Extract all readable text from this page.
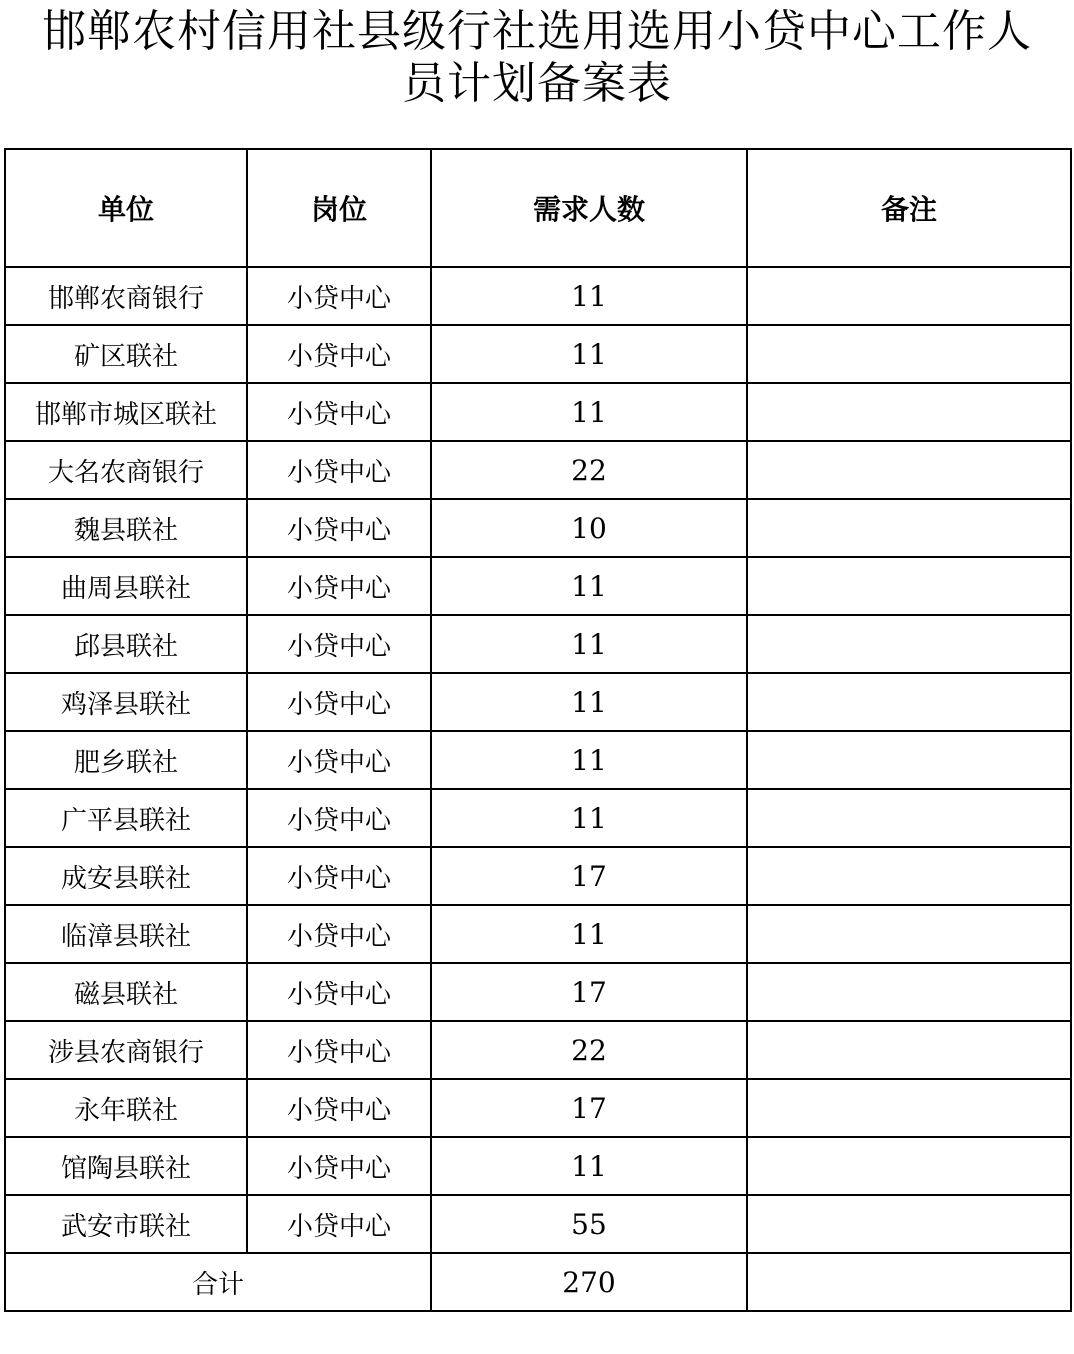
邯郸农村信用社县级行社选用选用小贷中心工作人
员计划备案表
单位	岗位	需求人数	备注
邯郸农商银行	小贷中心	11	
矿区联社	小贷中心	11	
邯郸市城区联社	小贷中心	11	
大名农商银行	小贷中心	22	
魏县联社	小贷中心	10	
曲周县联社	小贷中心	11	
邱县联社	小贷中心	11	
鸡泽县联社	小贷中心	11	
肥乡联社	小贷中心	11	
广平县联社	小贷中心	11	
成安县联社	小贷中心	17	
临漳县联社	小贷中心	11	
磁县联社	小贷中心	17	
涉县农商银行	小贷中心	22	
永年联社	小贷中心	17	
馆陶县联社	小贷中心	11	
武安市联社	小贷中心	55	
合计		270	
